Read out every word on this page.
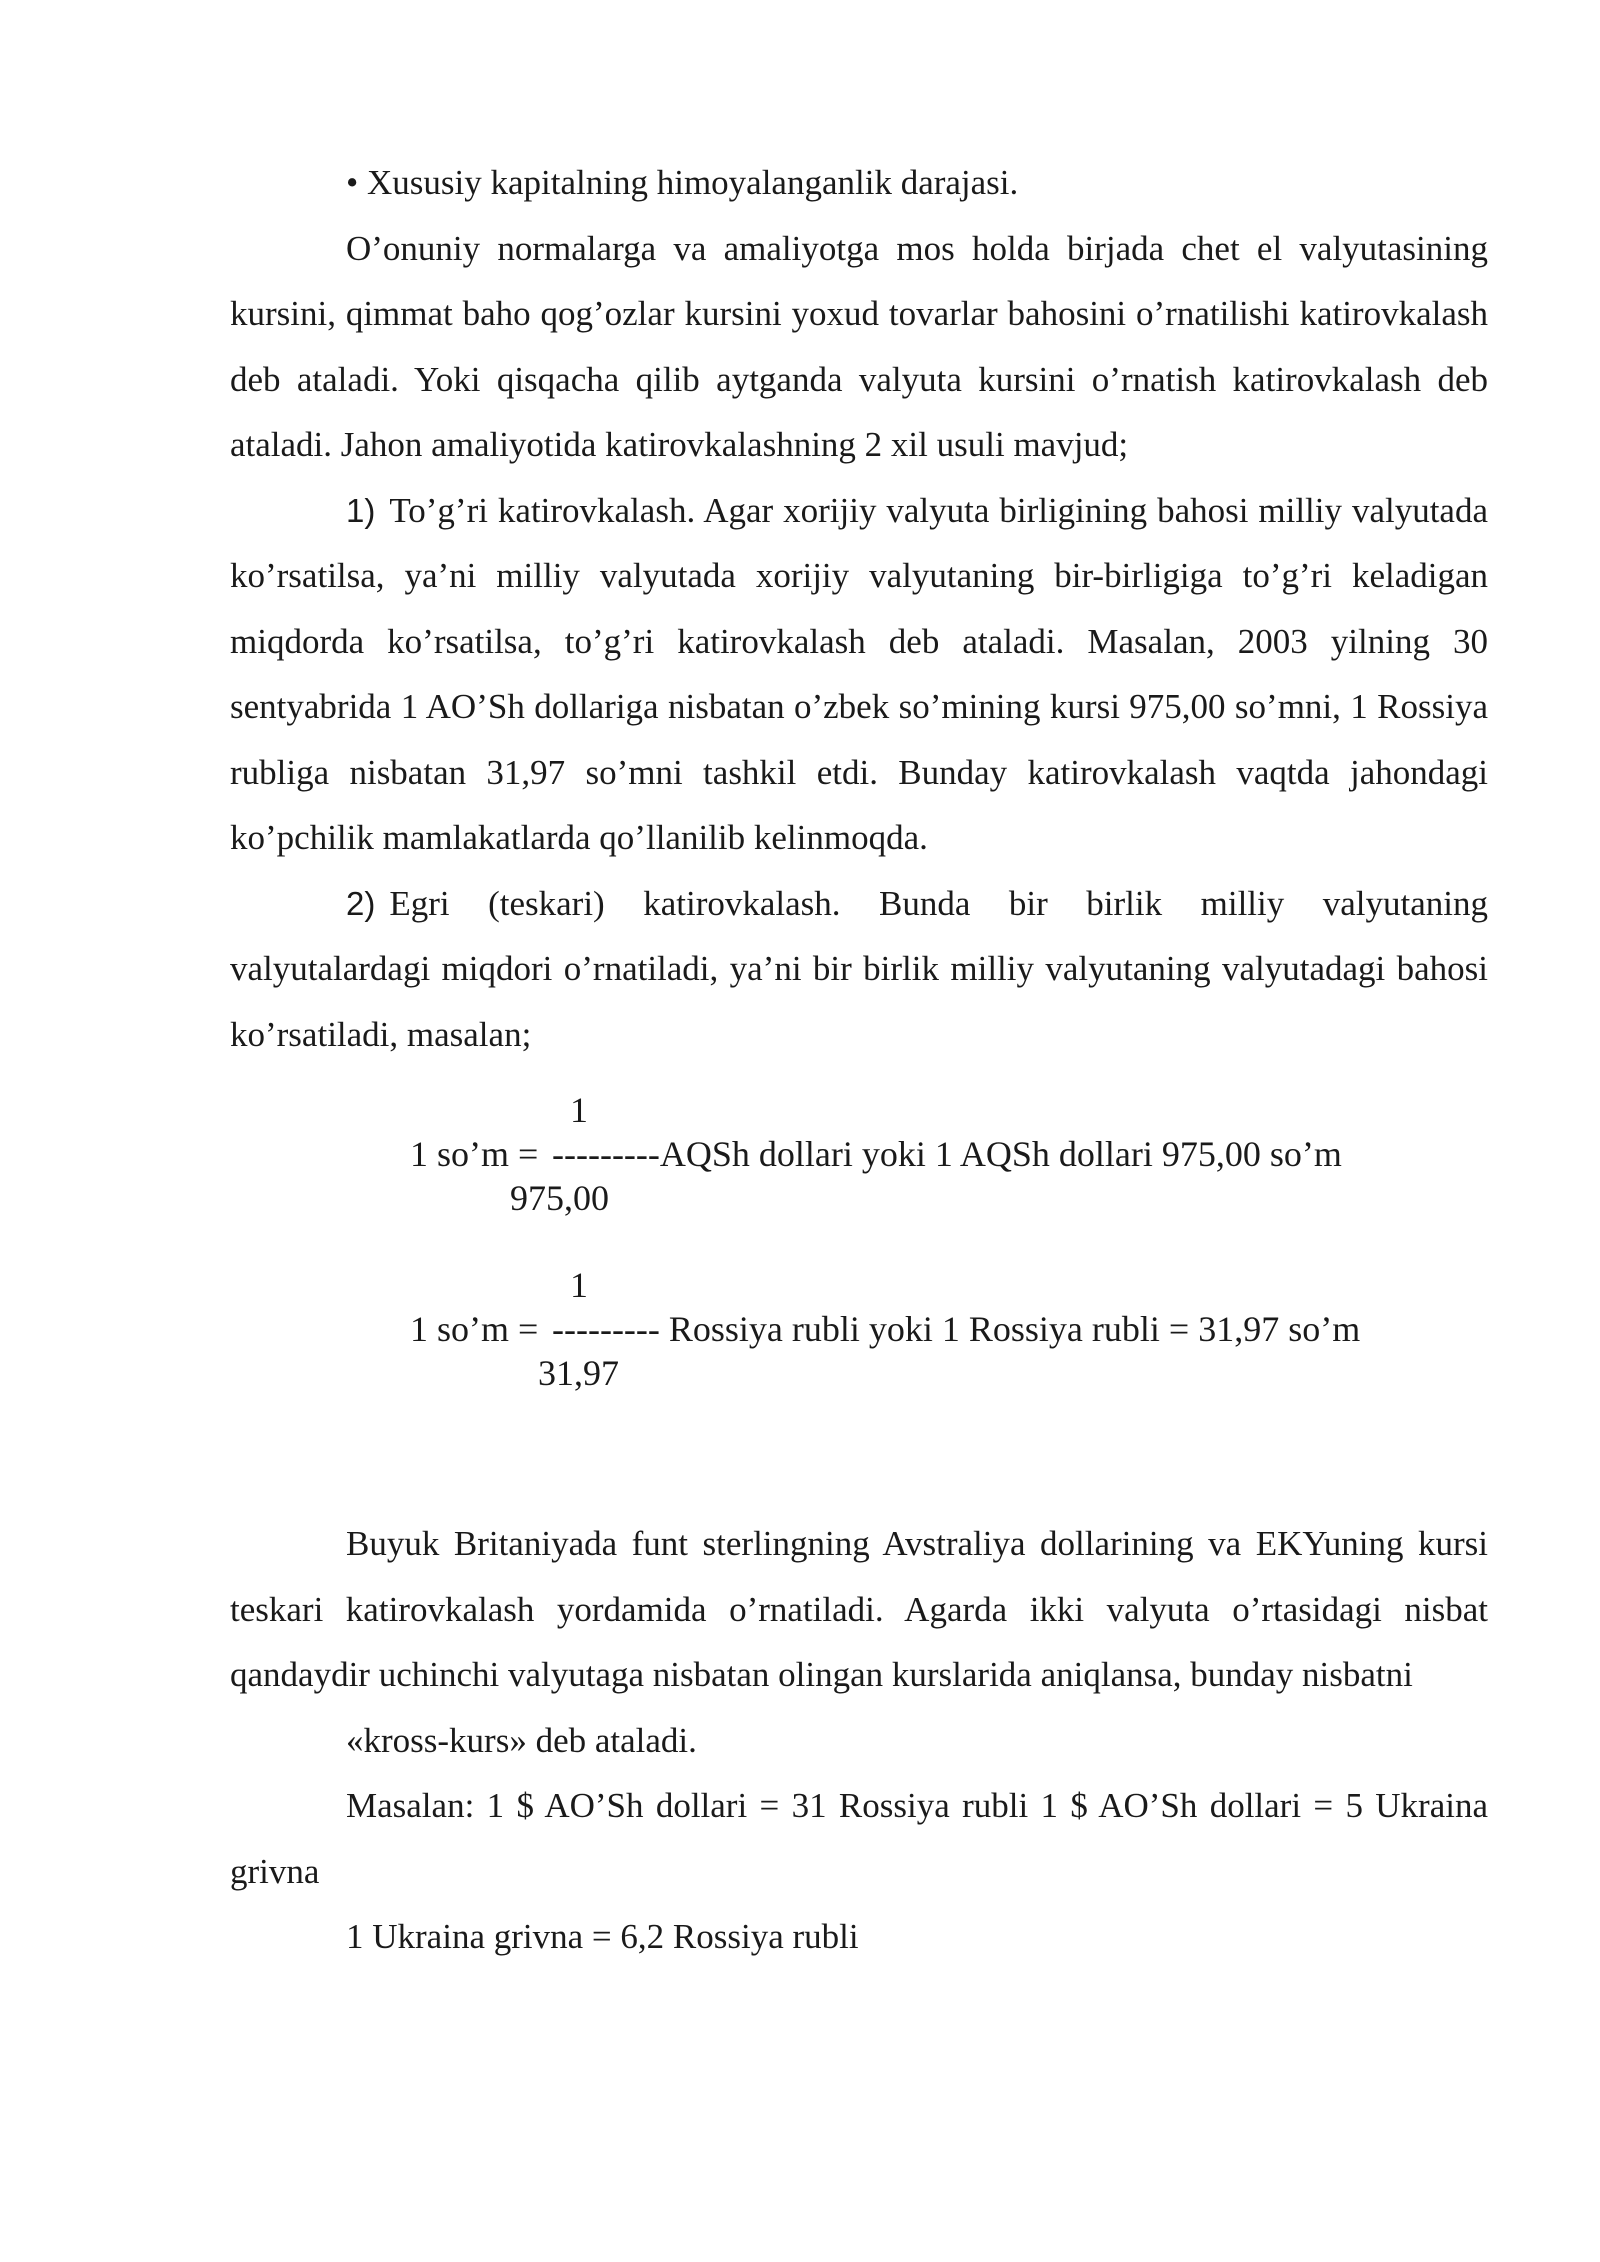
• Xususiy kapitalning himoyalanganlik darajasi.

O’onuniy normalarga va amaliyotga mos holda birjada chet el valyutasining kursini, qimmat baho qog’ozlar kursini yoxud tovarlar bahosini o’rnatilishi katirovkalash deb ataladi. Yoki qisqacha qilib aytganda valyuta kursini o’rnatish katirovkalash deb ataladi. Jahon amaliyotida katirovkalashning 2 xil usuli mavjud;

1) To’g’ri katirovkalash. Agar xorijiy valyuta birligining bahosi milliy valyutada ko’rsatilsa, ya’ni milliy valyutada xorijiy valyutaning bir-birligiga to’g’ri keladigan miqdorda ko’rsatilsa, to’g’ri katirovkalash deb ataladi. Masalan, 2003 yilning 30 sentyabrida 1 AO’Sh dollariga nisbatan o’zbek so’mining kursi 975,00 so’mni, 1 Rossiya rubliga nisbatan 31,97 so’mni tashkil etdi. Bunday katirovkalash vaqtda jahondagi ko’pchilik mamlakatlarda qo’llanilib kelinmoqda.

2) Egri (teskari) katirovkalash. Bunda bir birlik milliy valyutaning valyutalardagi miqdori o’rnatiladi, ya’ni bir birlik milliy valyutaning valyutadagi bahosi ko’rsatiladi, masalan;

1
1 so’m = ---------AQSh dollari yoki 1 AQSh dollari 975,00 so’m
975,00
1
1 so’m = --------- Rossiya rubli yoki 1 Rossiya rubli = 31,97 so’m
31,97

Buyuk Britaniyada funt sterlingning Avstraliya dollarining va EKYuning kursi teskari katirovkalash yordamida o’rnatiladi. Agarda ikki valyuta o’rtasidagi nisbat qandaydir uchinchi valyutaga nisbatan olingan kurslarida aniqlansa, bunday nisbatni

«kross-kurs» deb ataladi.

Masalan: 1 $ AO’Sh dollari = 31 Rossiya rubli 1 $ AO’Sh dollari = 5 Ukraina grivna

1 Ukraina grivna = 6,2 Rossiya rubli
